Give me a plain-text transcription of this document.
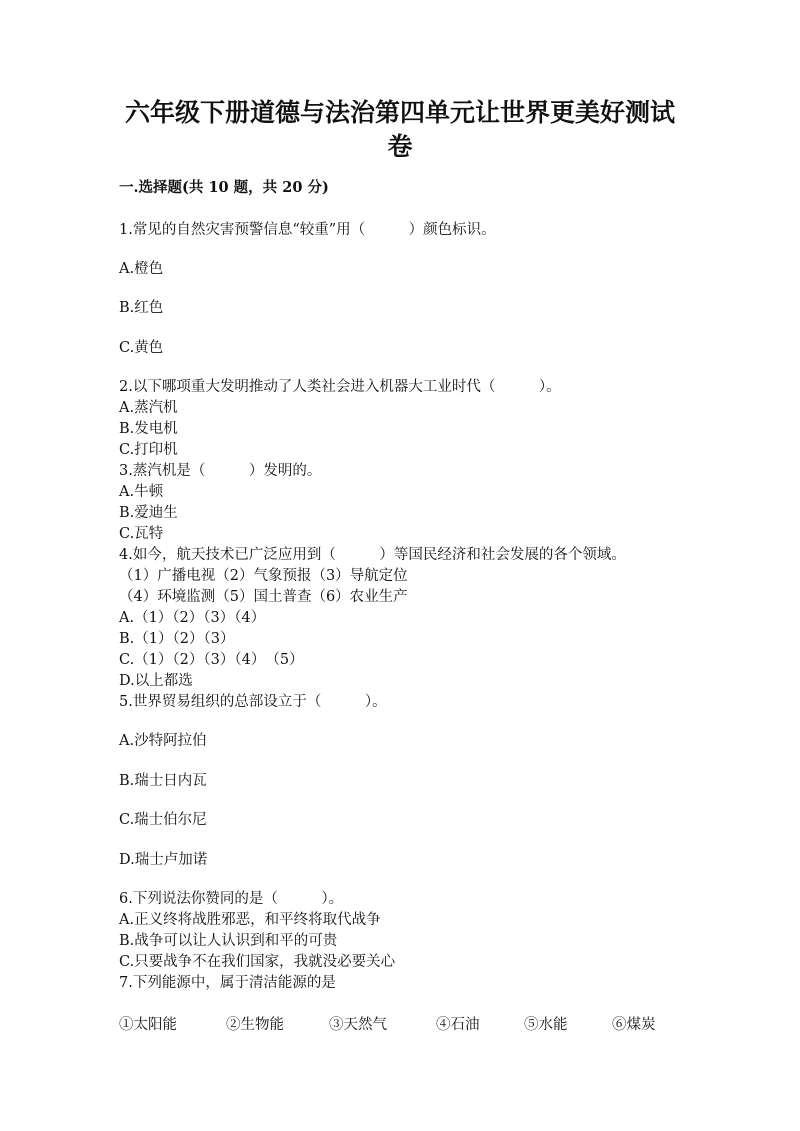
六年级下册道德与法治第四单元让世界更美好测试
卷
一.选择题(共 10 题，共 20 分)
1.常见的自然灾害预警信息“较重”用（　　　）颜色标识。
A.橙色
B.红色
C.黄色
2.以下哪项重大发明推动了人类社会进入机器大工业时代（　　　）。
A.蒸汽机
B.发电机
C.打印机
3.蒸汽机是（　　　）发明的。
A.牛顿
B.爱迪生
C.瓦特
4.如今，航天技术已广泛应用到（　　　）等国民经济和社会发展的各个领域。
（1）广播电视（2）气象预报（3）导航定位
（4）环境监测（5）国土普查（6）农业生产
A.（1）（2）（3）（4）
B.（1）（2）（3）
C.（1）（2）（3）（4）　（5）
D.以上都选
5.世界贸易组织的总部设立于（　　　）。
A.沙特阿拉伯
B.瑞士日内瓦
C.瑞士伯尔尼
D.瑞士卢加诺
6.下列说法你赞同的是（　　　）。
A.正义终将战胜邪恶，和平终将取代战争
B.战争可以让人认识到和平的可贵
C.只要战争不在我们国家，我就没必要关心
7.下列能源中，属于清洁能源的是
①太阳能	②生物能	③天然气	④石油	⑤水能	⑥煤炭
